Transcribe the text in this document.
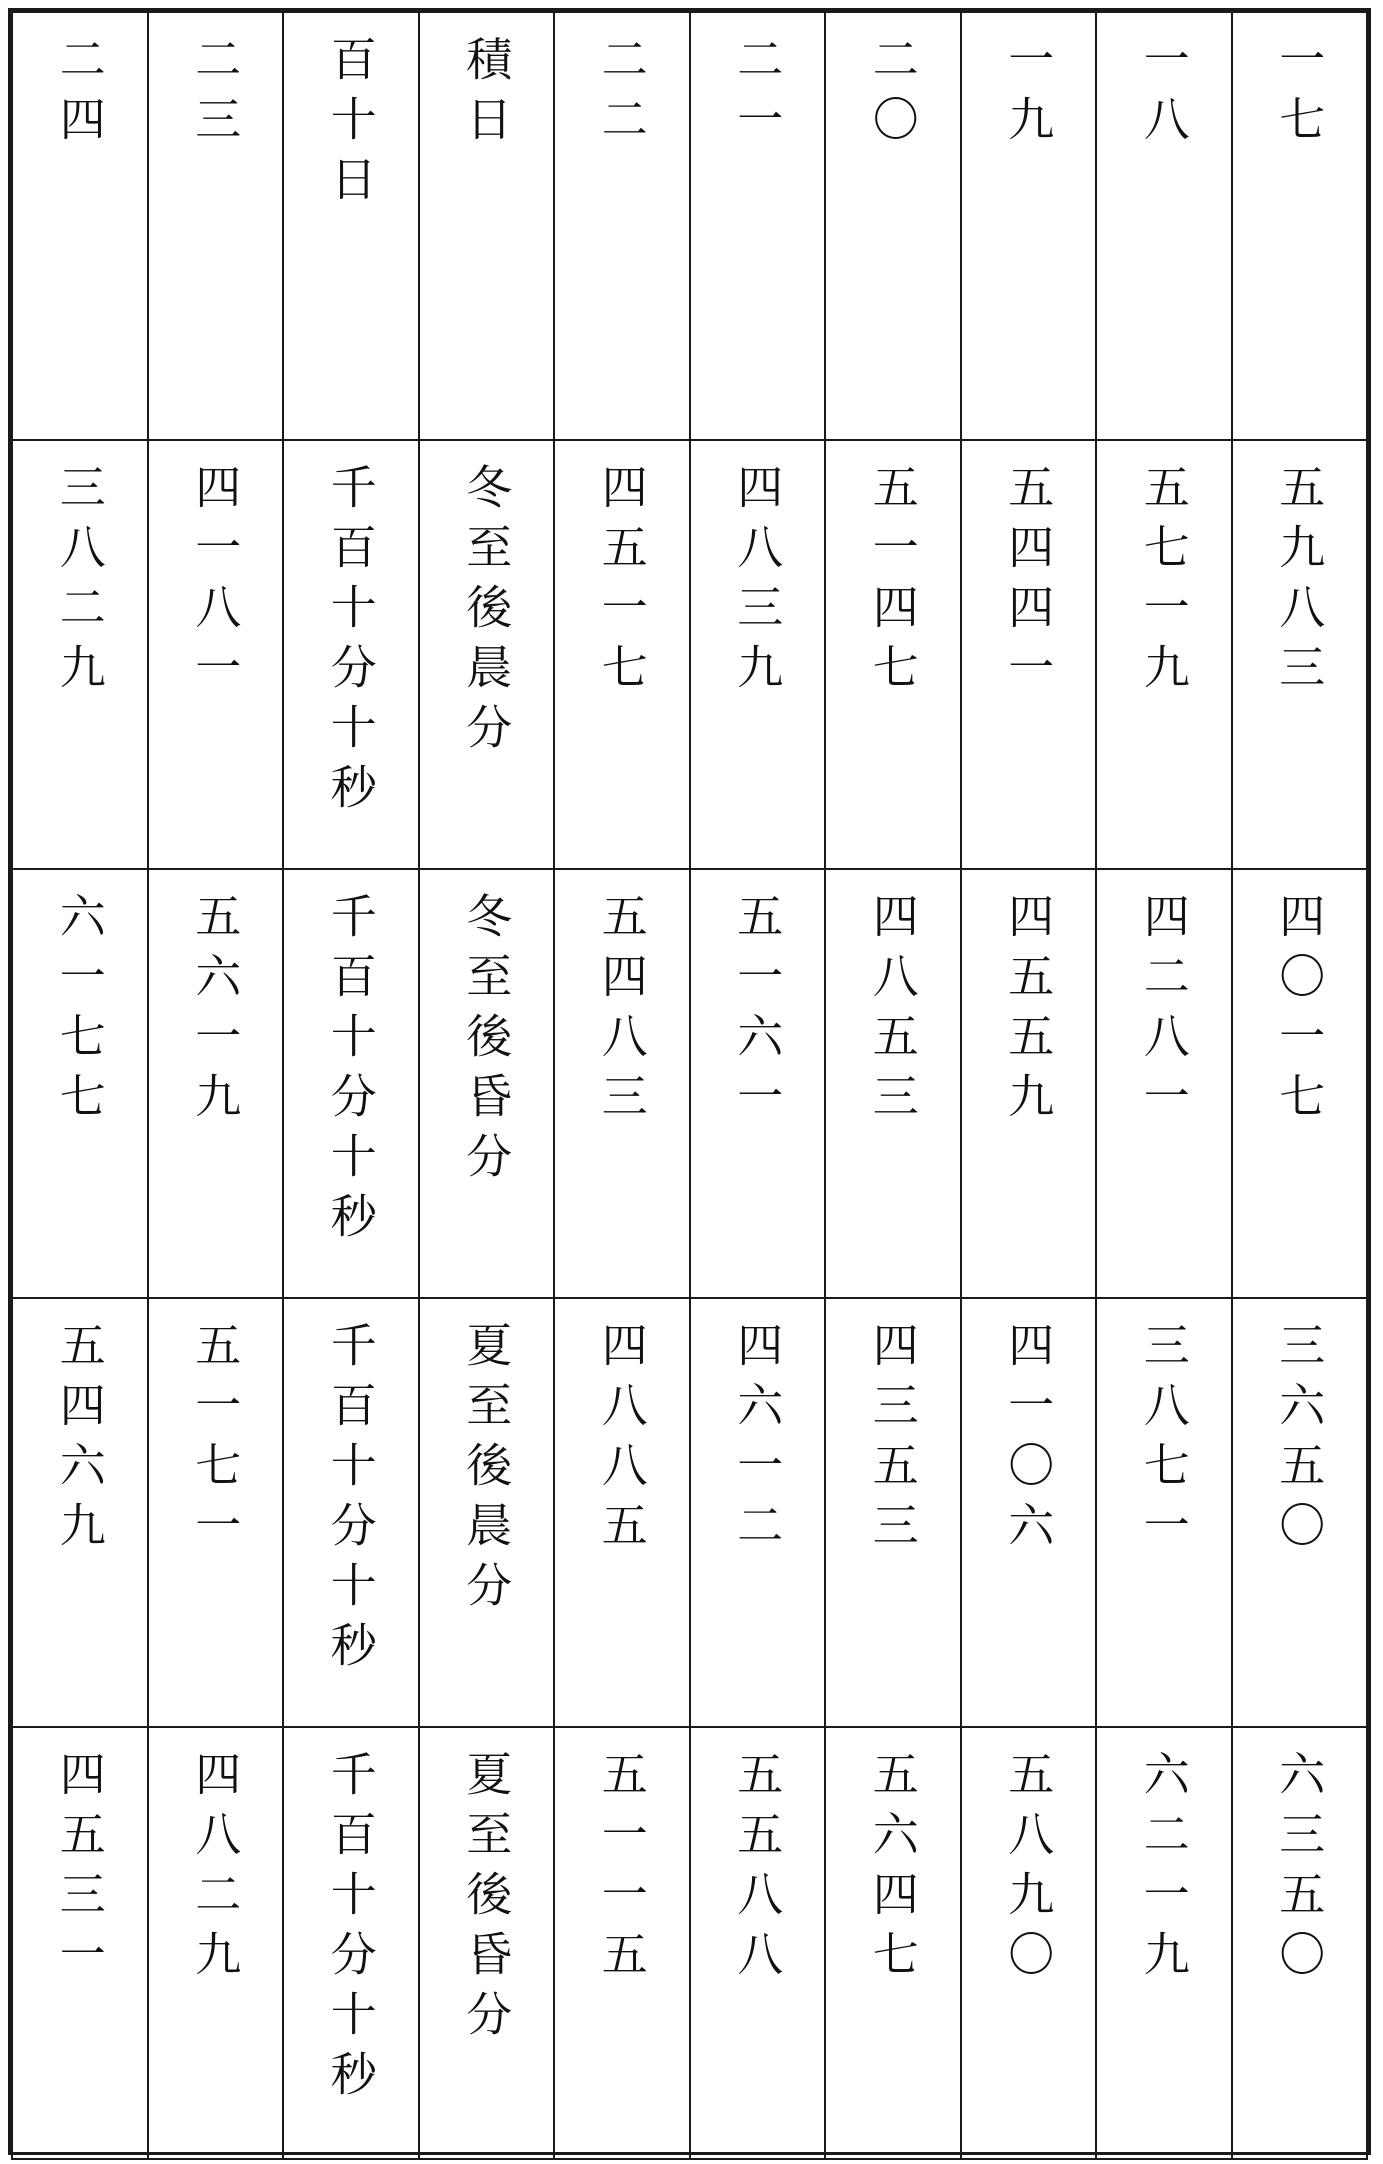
二四	二三	百十日	積日	二二	二一	二〇	一九	一八	一七

三八二九	四一八一	千百十分十秒	冬至後晨分	四五一七	四八三九	五一四七	五四四一	五七一九	五九八三

六一七七	五六一九	千百十分十秒	冬至後昏分	五四八三	五一六一	四八五三	四五五九	四二八一	四〇一七

五四六九	五一七一	千百十分十秒	夏至後晨分	四八八五	四六一二	四三五三	四一〇六	三八七一	三六五〇

四五三一	四八二九	千百十分十秒	夏至後昏分	五一一五	五五八八	五六四七	五八九〇	六二一九	六三五〇
